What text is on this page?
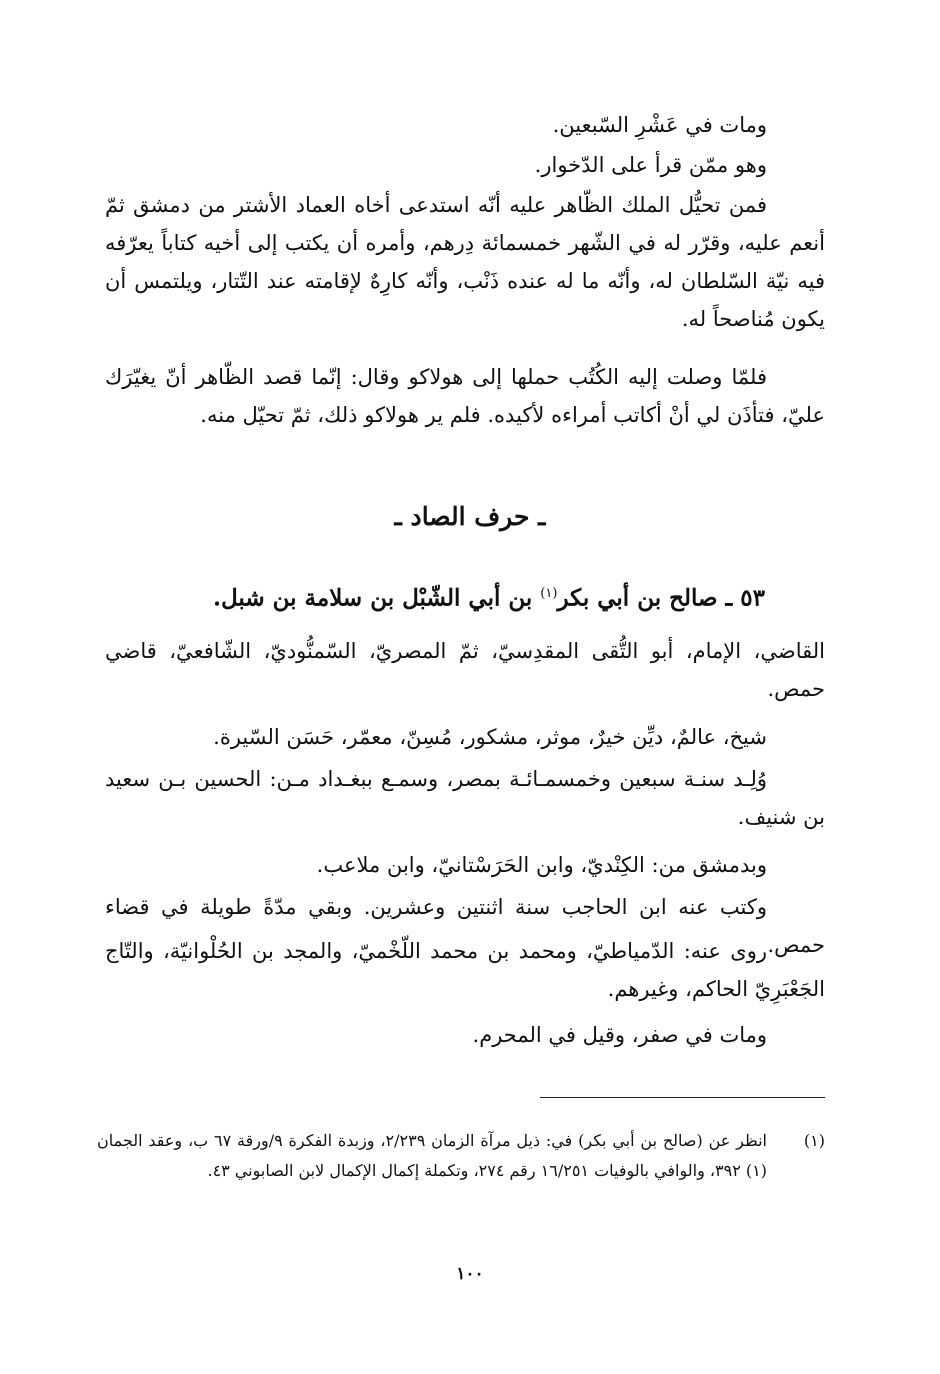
ومات في عَشْرِ السّبعين.

وهو ممّن قرأ على الدّخوار.

فمن تحيُّل الملك الظّاهر عليه أنّه استدعى أخاه العماد الأشتر من دمشق ثمّ أنعم عليه، وقرّر له في الشّهر خمسمائة دِرهم، وأمره أن يكتب إلى أخيه كتاباً يعرّفه فيه نيّة السّلطان له، وأنّه ما له عنده ذَنْب، وأنّه كارِهٌ لإقامته عند التّتار، ويلتمس أن يكون مُناصحاً له.

فلمّا وصلت إليه الكُتُب حملها إلى هولاكو وقال: إنّما قصد الظّاهر أنّ يغيّرَك عليّ، فتأذَن لي أنْ أكاتب أمراءه لأكيده. فلم ير هولاكو ذلك، ثمّ تحيّل منه.

ـ حرف الصاد ـ

٥٣ ـ صالح بن أبي بكر$^{(١)}$ بن أبي الشّبْل بن سلامة بن شبل.

القاضي، الإمام، أبو التُّقى المقدِسيّ، ثمّ المصريّ، السّمنُّوديّ، الشّافعيّ، قاضي حمص.

شيخ، عالمٌ، ديِّن خيرٌ، موثر، مشكور، مُسِنّ، معمّر، حَسَن السّيرة.

وُلِـد سنـة سبعين وخمسمـائـة بمصر، وسمـع ببغـداد مـن: الحسين بـن سعيد بن شنيف.

وبدمشق من: الكِنْديّ، وابن الحَرَسْتانيّ، وابن ملاعب.

وكتب عنه ابن الحاجب سنة اثنتين وعشرين. وبقي مدّةً طويلة في قضاء حمص.

روى عنه: الدّمياطيّ، ومحمد بن محمد اللّخْميّ، والمجد بن الحُلْوانيّة، والتّاج الجَعْبَرِيّ الحاكم، وغيرهم.

ومات في صفر، وقيل في المحرم.

(١)
انظر عن (صالح بن أبي بكر) في: ذيل مرآة الزمان ٢/٢٣٩، وزبدة الفكرة ٩/ورقة ٦٧ ب، وعقد الجمان (١) ٣٩٢، والوافي بالوفيات ١٦/٢٥١ رقم ٢٧٤، وتكملة إكمال الإكمال لابن الصابوني ٤٣.

١٠٠
